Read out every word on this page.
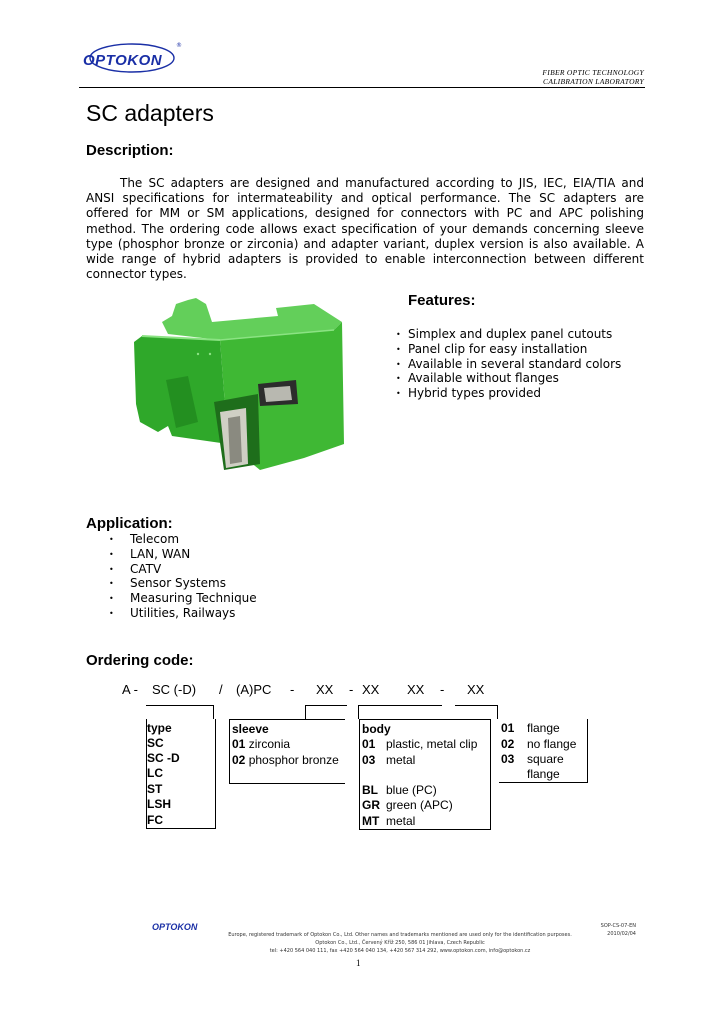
OPTOKON
®
FIBER OPTIC TECHNOLOGY
CALIBRATION LABORATORY
SC adapters
Description:

The SC adapters are designed and manufactured according to JIS, IEC, EIA/TIA and ANSI specifications for intermateability and optical performance. The SC adapters are offered for MM or SM applications, designed for connectors with PC and APC polishing method. The ordering code allows exact specification of your demands concerning sleeve type (phosphor bronze or zirconia) and adapter variant, duplex version is also available. A wide range of hybrid adapters is provided to enable interconnection between different connector types.

Features:
• Simplex and duplex panel cutouts
• Panel clip for easy installation
• Available in several standard colors
• Available without flanges
• Hybrid types provided
Application:
• Telecom
• LAN, WAN
• CATV
• Sensor Systems
• Measuring Technique
• Utilities, Railways
Ordering code:

A -

SC (-D)

/

(A)PC

-

XX

-

XX

XX

-

XX

type
SC
SC -D
LC
ST
LSH
FC
sleeve
01 zirconia
02 phosphor bronze
body
01 plastic, metal clip
03 metal
BL blue (PC)
GR green (APC)
MT metal
01 flange
02 no flange
03 square
flange
OPTOKON
Europe, registered trademark of Optokon Co., Ltd. Other names and trademarks mentioned are used only for the identification purposes.
Optokon Co., Ltd., Červený Kříž 250, 586 01 Jihlava, Czech Republic
tel: +420 564 040 111, fax +420 564 040 134, +420 567 314 292, www.optokon.com, info@optokon.cz
SOP-CS-07-EN
2010/02/04
1
